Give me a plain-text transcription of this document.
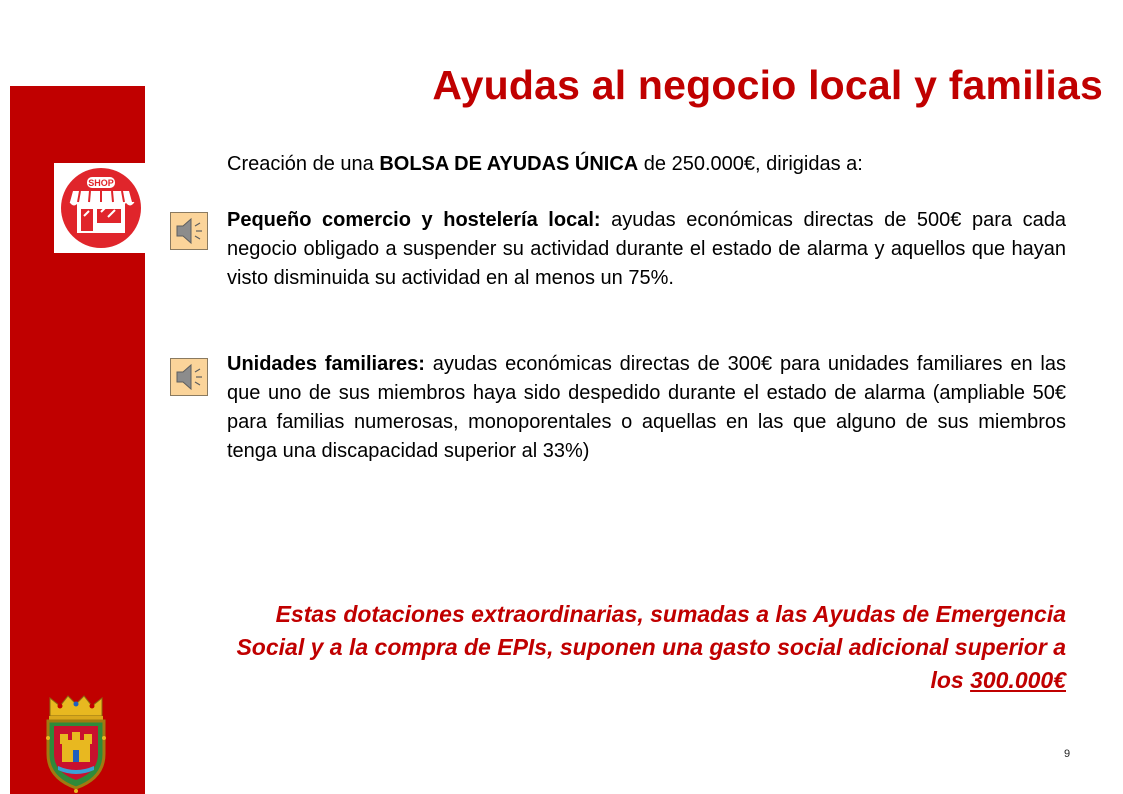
SHOP
Ayudas al negocio local y familias
Creación de una BOLSA DE AYUDAS ÚNICA de 250.000€, dirigidas a:
Pequeño comercio y hostelería local: ayudas económicas directas de 500€ para cada negocio obligado a suspender su actividad durante el estado de alarma y aquellos que hayan visto disminuida su actividad en al menos un 75%.
Unidades familiares: ayudas económicas directas de 300€ para unidades familiares en las que uno de sus miembros haya sido despedido durante el estado de alarma (ampliable 50€ para familias numerosas, monoporentales o aquellas en las que alguno de sus miembros tenga una discapacidad superior al 33%)
Estas dotaciones extraordinarias, sumadas a las Ayudas de Emergencia Social y a la compra de EPIs, suponen una gasto social adicional superior a los 300.000€
9
